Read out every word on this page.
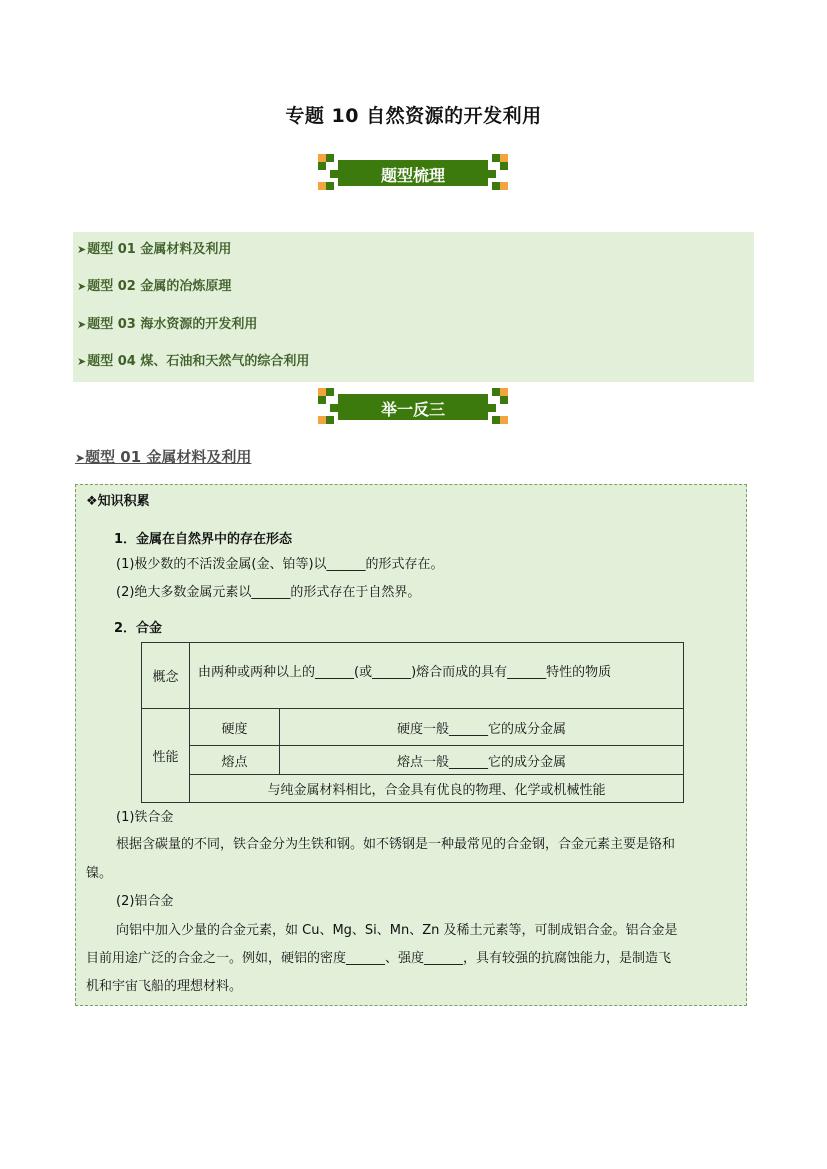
专题 10 自然资源的开发利用
题型梳理
➤题型 01 金属材料及利用
➤题型 02 金属的冶炼原理
➤题型 03 海水资源的开发利用
➤题型 04 煤、石油和天然气的综合利用
举一反三
➤题型 01 金属材料及利用
❖知识积累
1．金属在自然界中的存在形态
(1)极少数的不活泼金属(金、铂等)以______的形式存在。
(2)绝大多数金属元素以______的形式存在于自然界。
2．合金
概念	由两种或两种以上的______(或______)熔合而成的具有______特性的物质	
性能	硬度	硬度一般______它的成分金属
	熔点	熔点一般______它的成分金属
	与纯金属材料相比，合金具有优良的物理、化学或机械性能	
(1)铁合金
根据含碳量的不同，铁合金分为生铁和钢。如不锈钢是一种最常见的合金钢，合金元素主要是铬和
镍。
(2)铝合金
向铝中加入少量的合金元素，如 Cu、Mg、Si、Mn、Zn 及稀土元素等，可制成铝合金。铝合金是
目前用途广泛的合金之一。例如，硬铝的密度______、强度______，具有较强的抗腐蚀能力，是制造飞
机和宇宙飞船的理想材料。
